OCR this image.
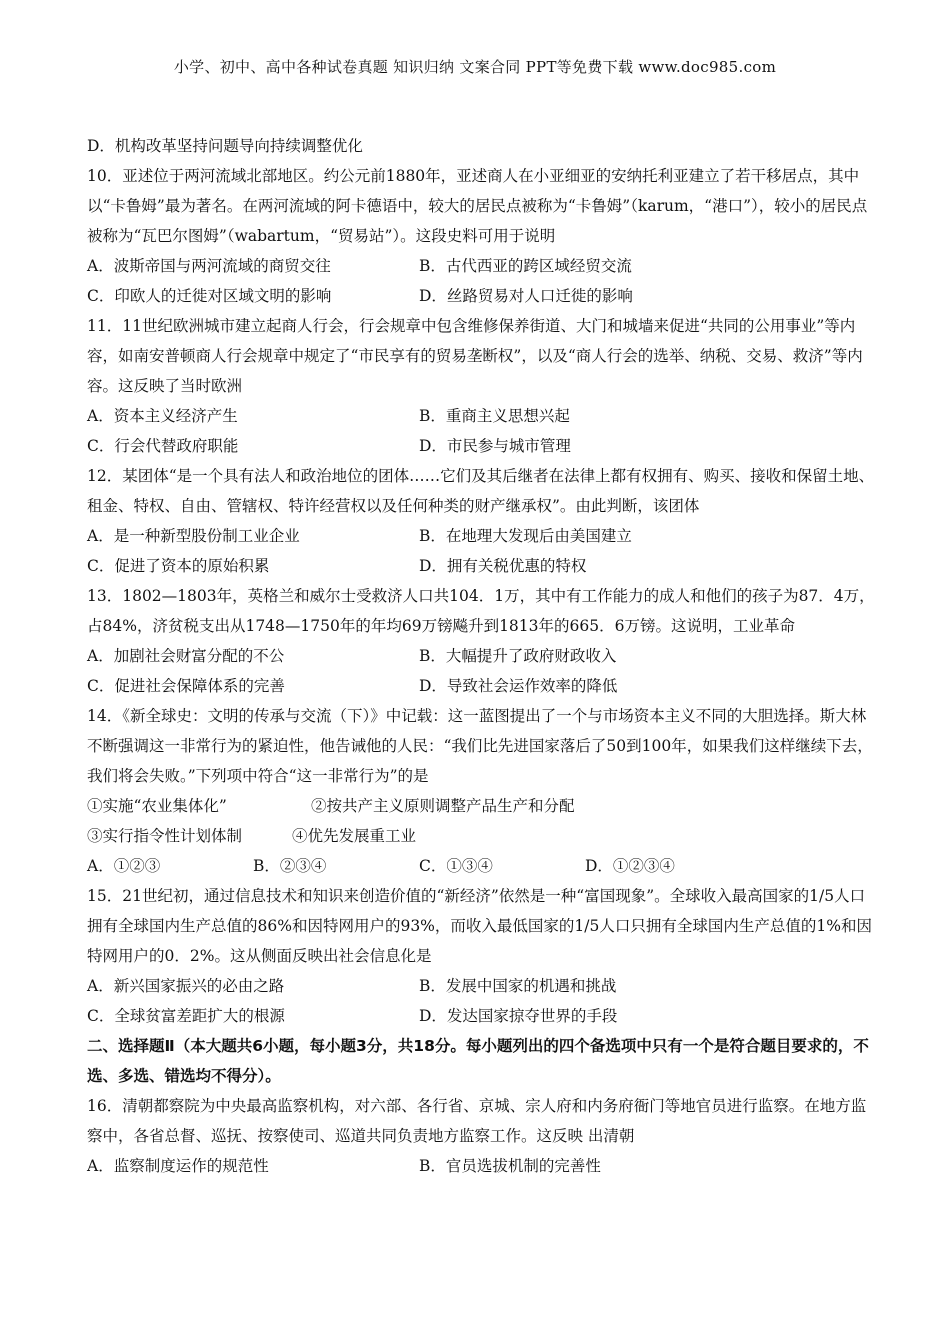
小学、初中、高中各种试卷真题 知识归纳 文案合同 PPT等免费下载 www.doc985.com
D．机构改革坚持问题导向持续调整优化
10．亚述位于两河流域北部地区。约公元前1880年，亚述商人在小亚细亚的安纳托利亚建立了若干移居点，其中以“卡鲁姆”最为著名。在两河流域的阿卡德语中，较大的居民点被称为“卡鲁姆”（karum，“港口”），较小的居民点被称为“瓦巴尔图姆”（wabartum，“贸易站”）。这段史料可用于说明
A．波斯帝国与两河流域的商贸交往	B．古代西亚的跨区域经贸交流
C．印欧人的迁徙对区域文明的影响	D．丝路贸易对人口迁徙的影响
11．11世纪欧洲城市建立起商人行会，行会规章中包含维修保养街道、大门和城墙来促进“共同的公用事业”等内容，如南安普顿商人行会规章中规定了“市民享有的贸易垄断权”，以及“商人行会的选举、纳税、交易、救济”等内容。这反映了当时欧洲
A．资本主义经济产生	B．重商主义思想兴起
C．行会代替政府职能	D．市民参与城市管理
12．某团体“是一个具有法人和政治地位的团体……它们及其后继者在法律上都有权拥有、购买、接收和保留土地、租金、特权、自由、管辖权、特许经营权以及任何种类的财产继承权”。由此判断，该团体
A．是一种新型股份制工业企业	B．在地理大发现后由美国建立
C．促进了资本的原始积累	D．拥有关税优惠的特权
13．1802—1803年，英格兰和威尔士受救济人口共104．1万，其中有工作能力的成人和他们的孩子为87．4万，占84%，济贫税支出从1748—1750年的年均69万镑飚升到1813年的665．6万镑。这说明，工业革命
A．加剧社会财富分配的不公	B．大幅提升了政府财政收入
C．促进社会保障体系的完善	D．导致社会运作效率的降低
14．《新全球史：文明的传承与交流（下）》中记载：这一蓝图提出了一个与市场资本主义不同的大胆选择。斯大林不断强调这一非常行为的紧迫性，他告诫他的人民：“我们比先进国家落后了50到100年，如果我们这样继续下去，我们将会失败。”下列项中符合“这一非常行为”的是
①实施“农业集体化”	②按共产主义原则调整产品生产和分配
③实行指令性计划体制	④优先发展重工业
A．①②③	B．②③④	C．①③④	D．①②③④
15．21世纪初，通过信息技术和知识来创造价值的“新经济”依然是一种“富国现象”。全球收入最高国家的1/5人口拥有全球国内生产总值的86%和因特网用户的93%，而收入最低国家的1/5人口只拥有全球国内生产总值的1%和因特网用户的0．2%。这从侧面反映出社会信息化是
A．新兴国家振兴的必由之路	B．发展中国家的机遇和挑战
C．全球贫富差距扩大的根源	D．发达国家掠夺世界的手段
二、选择题Ⅱ（本大题共6小题，每小题3分，共18分。每小题列出的四个备选项中只有一个是符合题目要求的，不选、多选、错选均不得分）。
16．清朝都察院为中央最高监察机构，对六部、各行省、京城、宗人府和内务府衙门等地官员进行监察。在地方监察中，各省总督、巡抚、按察使司、巡道共同负责地方监察工作。这反映 出清朝
A．监察制度运作的规范性	B．官员选拔机制的完善性
